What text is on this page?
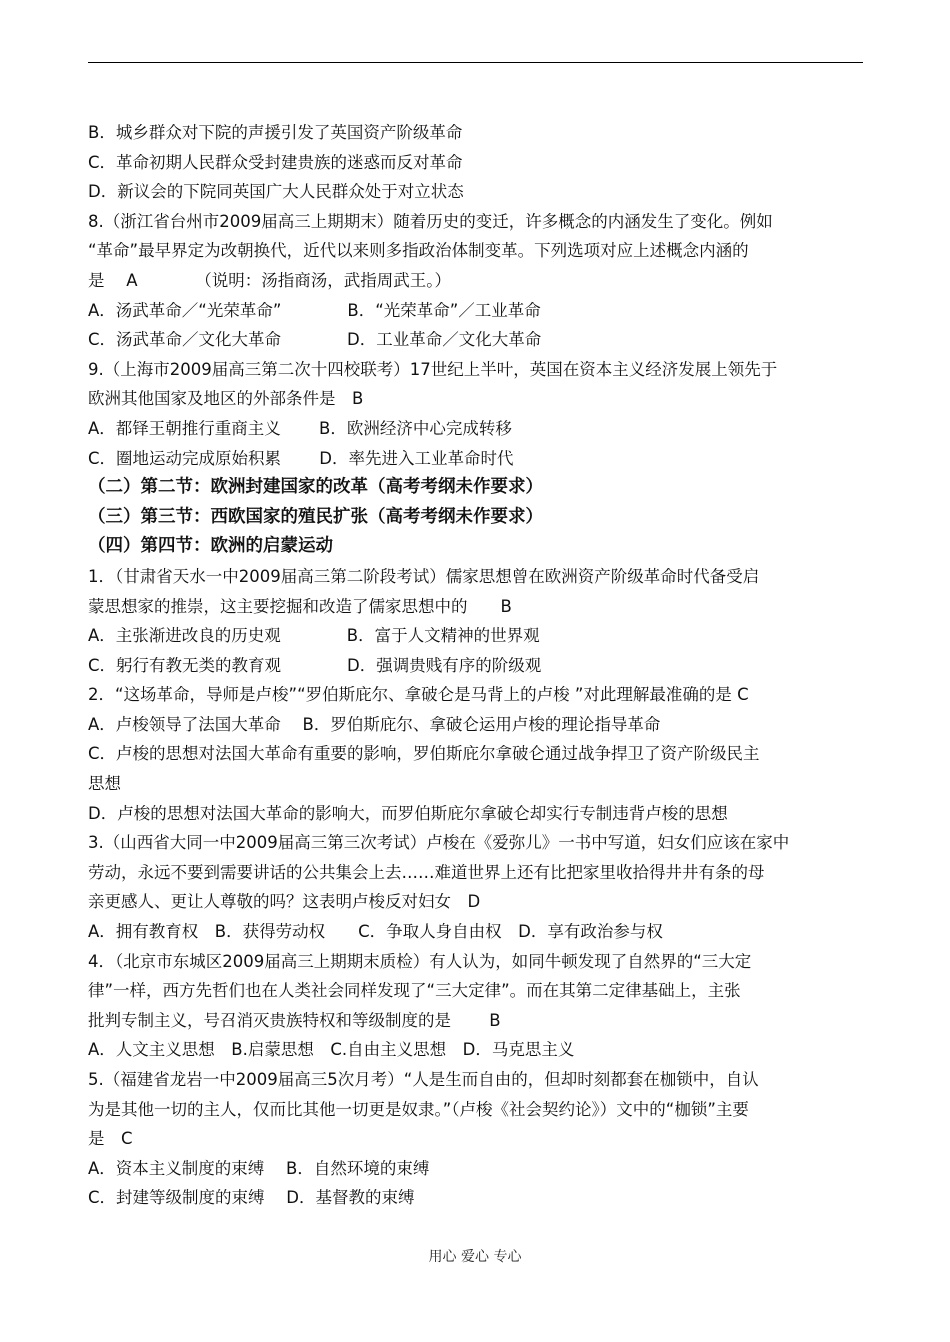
B．城乡群众对下院的声援引发了英国资产阶级革命
C．革命初期人民群众受封建贵族的迷惑而反对革命
D．新议会的下院同英国广大人民群众处于对立状态
8.（浙江省台州市2009届高三上期期末）随着历史的变迁，许多概念的内涵发生了变化。例如
“革命”最早界定为改朝换代，近代以来则多指政治体制变革。下列选项对应上述概念内涵的
是　 A　　　　（说明：汤指商汤，武指周武王。）
A．汤武革命／“光荣革命”　　　　B．“光荣革命”／工业革命
C．汤武革命／文化大革命　　　　D．工业革命／文化大革命
9.（上海市2009届高三第二次十四校联考）17世纪上半叶，英国在资本主义经济发展上领先于
欧洲其他国家及地区的外部条件是　B
A．都铎王朝推行重商主义　　 B．欧洲经济中心完成转移
C．圈地运动完成原始积累　　 D．率先进入工业革命时代
（二）第二节：欧洲封建国家的改革（高考考纲未作要求）
（三）第三节：西欧国家的殖民扩张（高考考纲未作要求）
（四）第四节：欧洲的启蒙运动
1．（甘肃省天水一中2009届高三第二阶段考试）儒家思想曾在欧洲资产阶级革命时代备受启
蒙思想家的推崇，这主要挖掘和改造了儒家思想中的　　B
A．主张渐进改良的历史观　　　　B．富于人文精神的世界观
C．躬行有教无类的教育观　　　　D．强调贵贱有序的阶级观
2．“这场革命，导师是卢梭”“罗伯斯庇尔、拿破仑是马背上的卢梭 ”对此理解最准确的是 C
A．卢梭领导了法国大革命　 B．罗伯斯庇尔、拿破仑运用卢梭的理论指导革命
C．卢梭的思想对法国大革命有重要的影响，罗伯斯庇尔拿破仑通过战争捍卫了资产阶级民主
思想
D．卢梭的思想对法国大革命的影响大，而罗伯斯庇尔拿破仑却实行专制违背卢梭的思想
3.（山西省大同一中2009届高三第三次考试）卢梭在《爱弥儿》一书中写道，妇女们应该在家中
劳动，永远不要到需要讲话的公共集会上去……难道世界上还有比把家里收拾得井井有条的母
亲更感人、更让人尊敬的吗？这表明卢梭反对妇女　D
A．拥有教育权　B．获得劳动权　　C．争取人身自由权　D．享有政治参与权
4．（北京市东城区2009届高三上期期末质检）有人认为，如同牛顿发现了自然界的“三大定
律”一样，西方先哲们也在人类社会同样发现了“三大定律”。而在其第二定律基础上，主张
批判专制主义，号召消灭贵族特权和等级制度的是　　 B
A．人文主义思想　B.启蒙思想　C.自由主义思想　D．马克思主义
5.（福建省龙岩一中2009届高三5次月考）“人是生而自由的，但却时刻都套在枷锁中，自认
为是其他一切的主人，仅而比其他一切更是奴隶。”（卢梭《社会契约论》）文中的“枷锁”主要
是　C
A．资本主义制度的束缚　 B．自然环境的束缚
C．封建等级制度的束缚　 D．基督教的束缚
用心 爱心 专心
